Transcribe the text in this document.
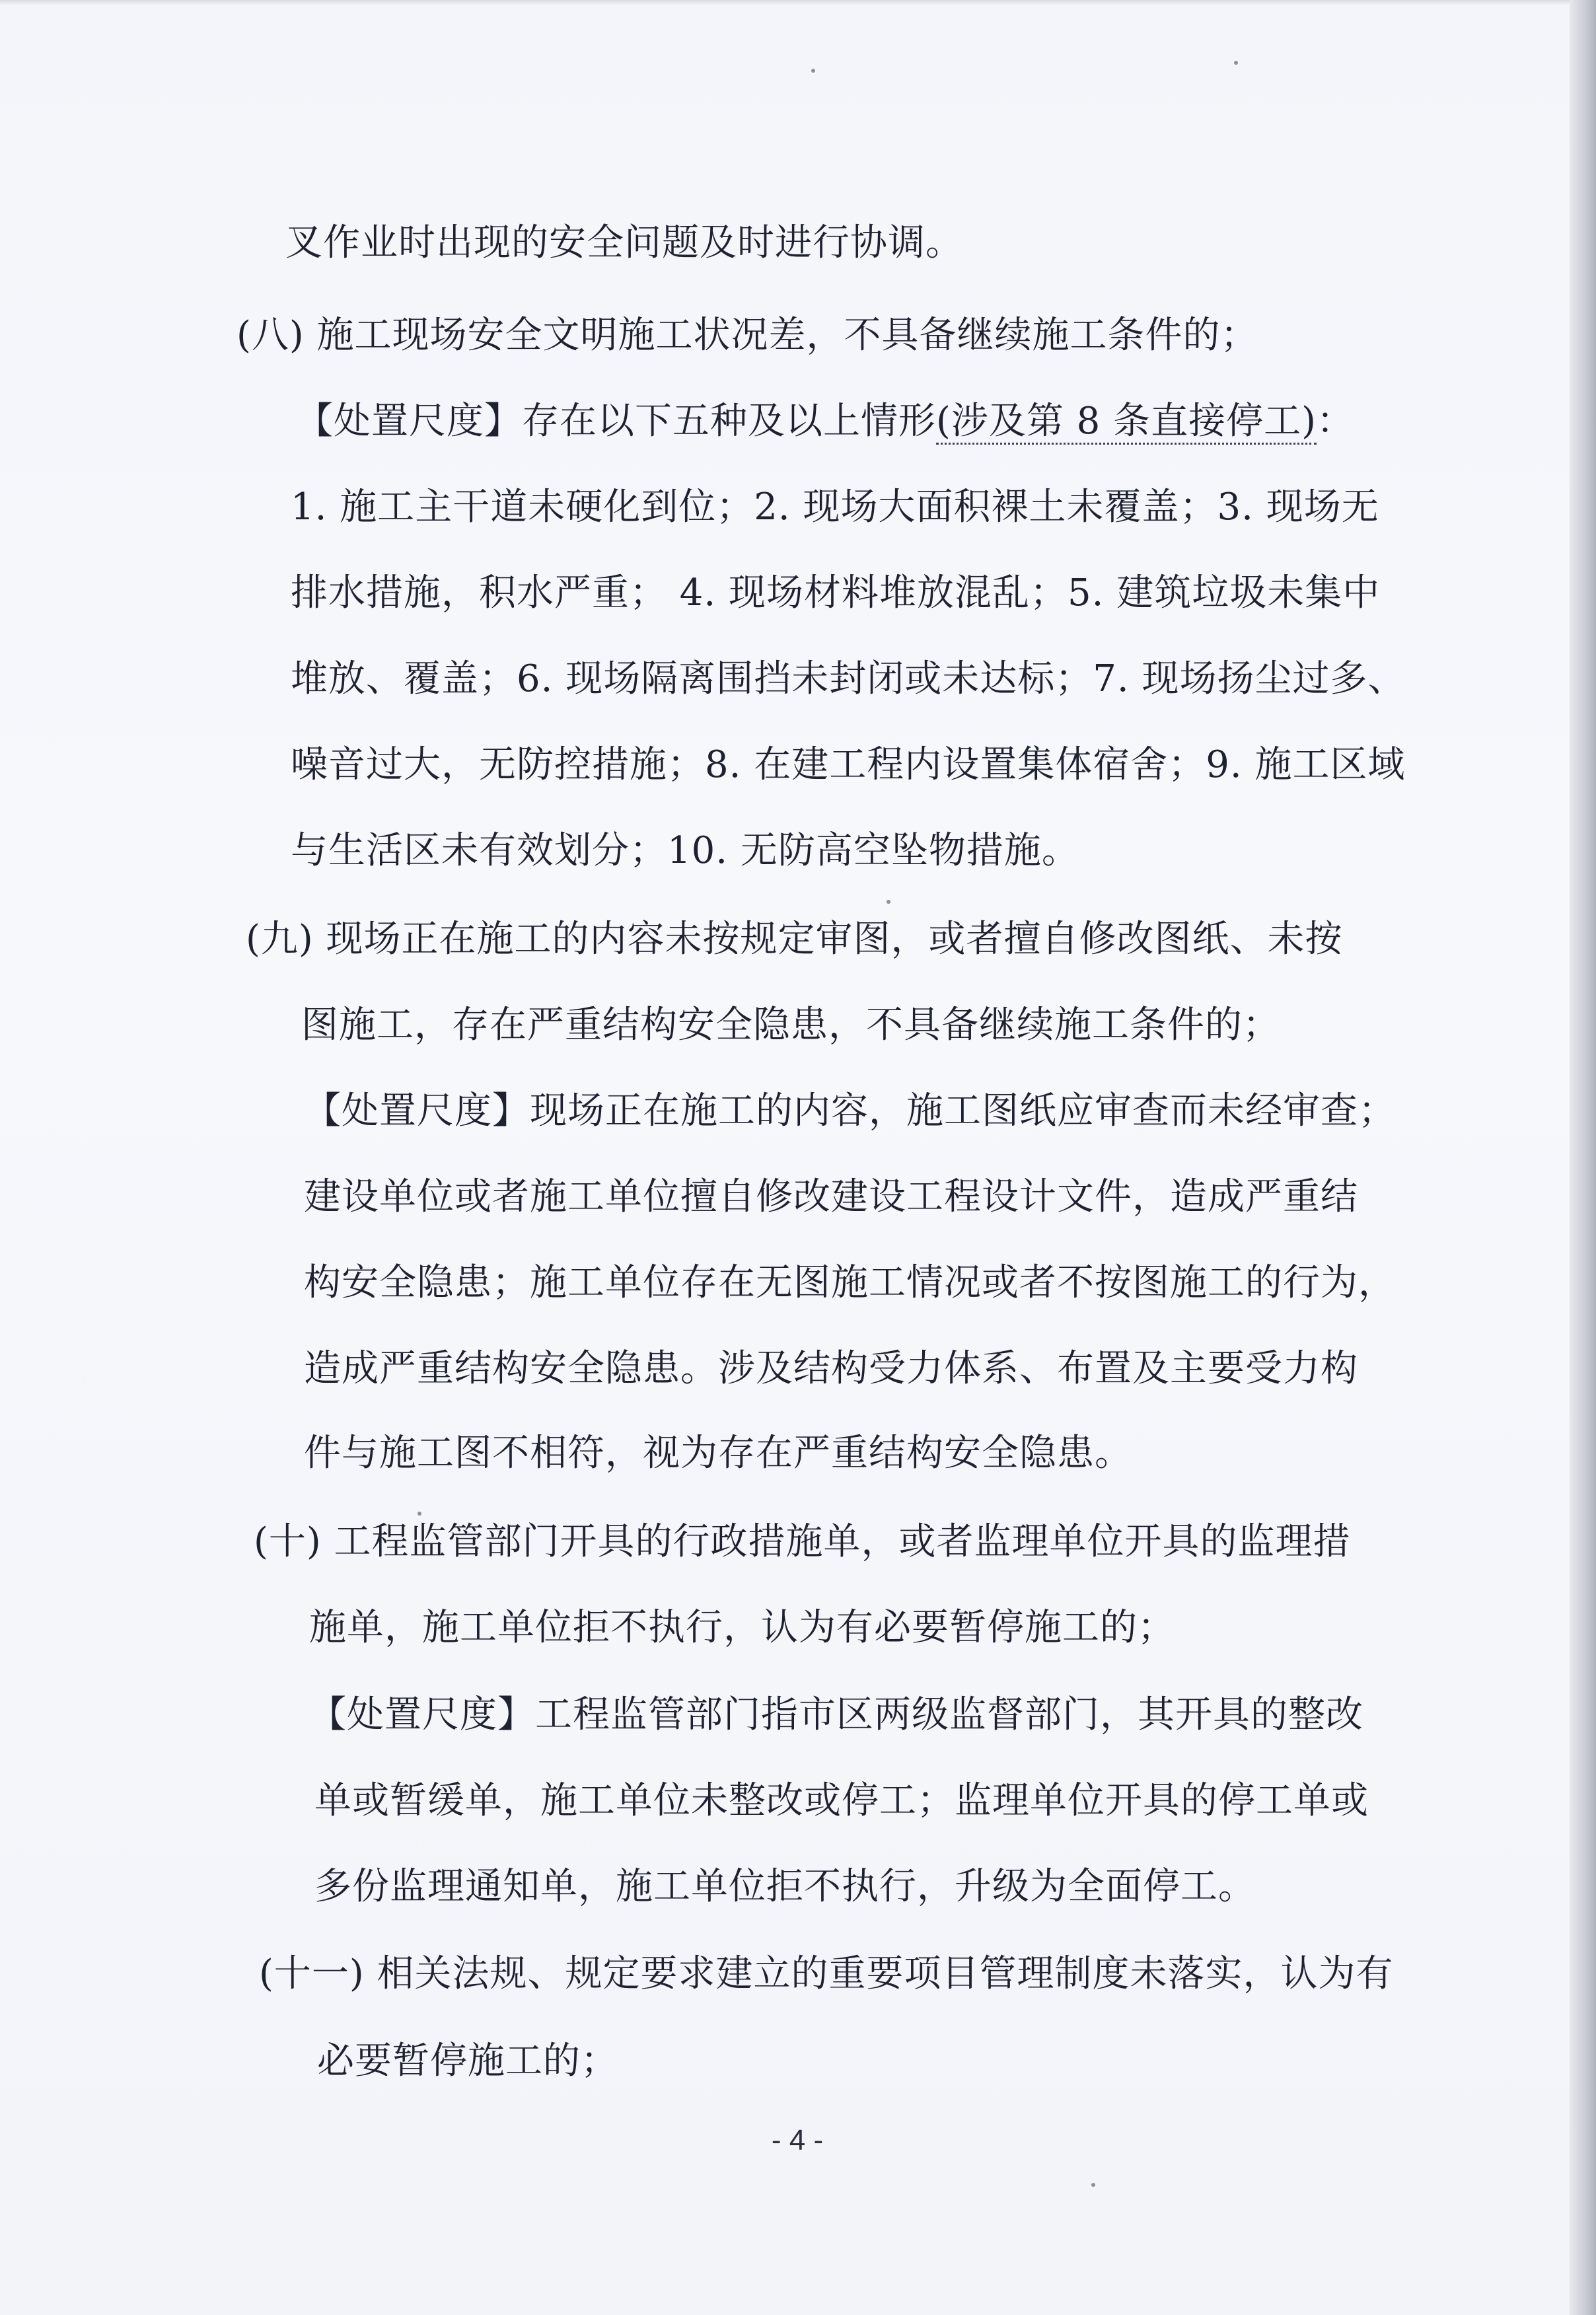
叉作业时出现的安全问题及时进行协调。
(八) 施工现场安全文明施工状况差，不具备继续施工条件的；
【处置尺度】存在以下五种及以上情形(涉及第 8 条直接停工)：
1. 施工主干道未硬化到位；2. 现场大面积裸土未覆盖；3. 现场无
排水措施，积水严重； 4. 现场材料堆放混乱；5. 建筑垃圾未集中
堆放、覆盖；6. 现场隔离围挡未封闭或未达标；7. 现场扬尘过多、
噪音过大，无防控措施；8. 在建工程内设置集体宿舍；9. 施工区域
与生活区未有效划分；10. 无防高空坠物措施。
(九) 现场正在施工的内容未按规定审图，或者擅自修改图纸、未按
图施工，存在严重结构安全隐患，不具备继续施工条件的；
【处置尺度】现场正在施工的内容，施工图纸应审查而未经审查；
建设单位或者施工单位擅自修改建设工程设计文件，造成严重结
构安全隐患；施工单位存在无图施工情况或者不按图施工的行为，
造成严重结构安全隐患。涉及结构受力体系、布置及主要受力构
件与施工图不相符，视为存在严重结构安全隐患。
(十) 工程监管部门开具的行政措施单，或者监理单位开具的监理措
施单，施工单位拒不执行，认为有必要暂停施工的；
【处置尺度】工程监管部门指市区两级监督部门，其开具的整改
单或暂缓单，施工单位未整改或停工；监理单位开具的停工单或
多份监理通知单，施工单位拒不执行，升级为全面停工。
(十一) 相关法规、规定要求建立的重要项目管理制度未落实，认为有
必要暂停施工的；
- 4 -
